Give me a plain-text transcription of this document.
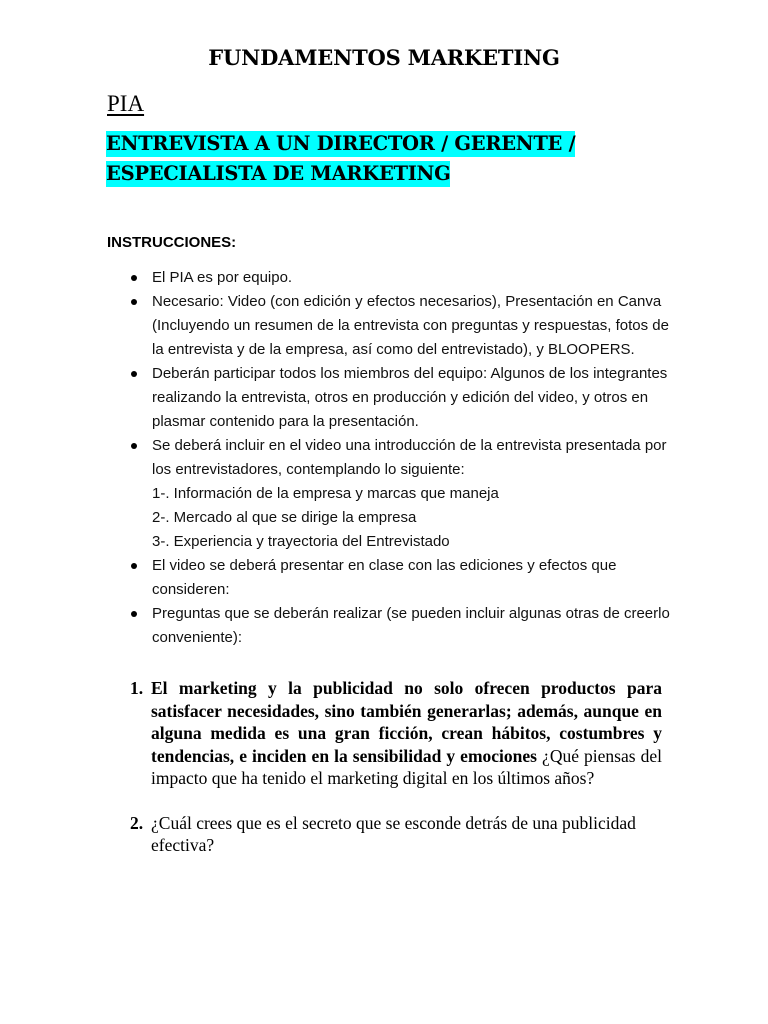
FUNDAMENTOS MARKETING
PIA
ENTREVISTA A UN DIRECTOR / GERENTE /
ESPECIALISTA DE MARKETING
INSTRUCCIONES:
El PIA es por equipo.
Necesario: Video (con edición y efectos necesarios), Presentación en Canva (Incluyendo un resumen de la entrevista con preguntas y respuestas, fotos de la entrevista y de la empresa, así como del entrevistado), y BLOOPERS.
Deberán participar todos los miembros del equipo: Algunos de los integrantes realizando la entrevista, otros en producción y edición del video, y otros en plasmar contenido para la presentación.
Se deberá incluir en el video una introducción de la entrevista presentada por los entrevistadores, contemplando lo siguiente:
1-. Información de la empresa y marcas que maneja
2-. Mercado al que se dirige la empresa
3-. Experiencia y trayectoria del Entrevistado
El video se deberá presentar en clase con las ediciones y efectos que consideren:
Preguntas que se deberán realizar (se pueden incluir algunas otras de creerlo conveniente):
1. El marketing y la publicidad no solo ofrecen productos para satisfacer necesidades, sino también generarlas; además, aunque en alguna medida es una gran ficción, crean hábitos, costumbres y tendencias, e inciden en la sensibilidad y emociones ¿Qué piensas del impacto que ha tenido el marketing digital en los últimos años?
2. ¿Cuál crees que es el secreto que se esconde detrás de una publicidad efectiva?
